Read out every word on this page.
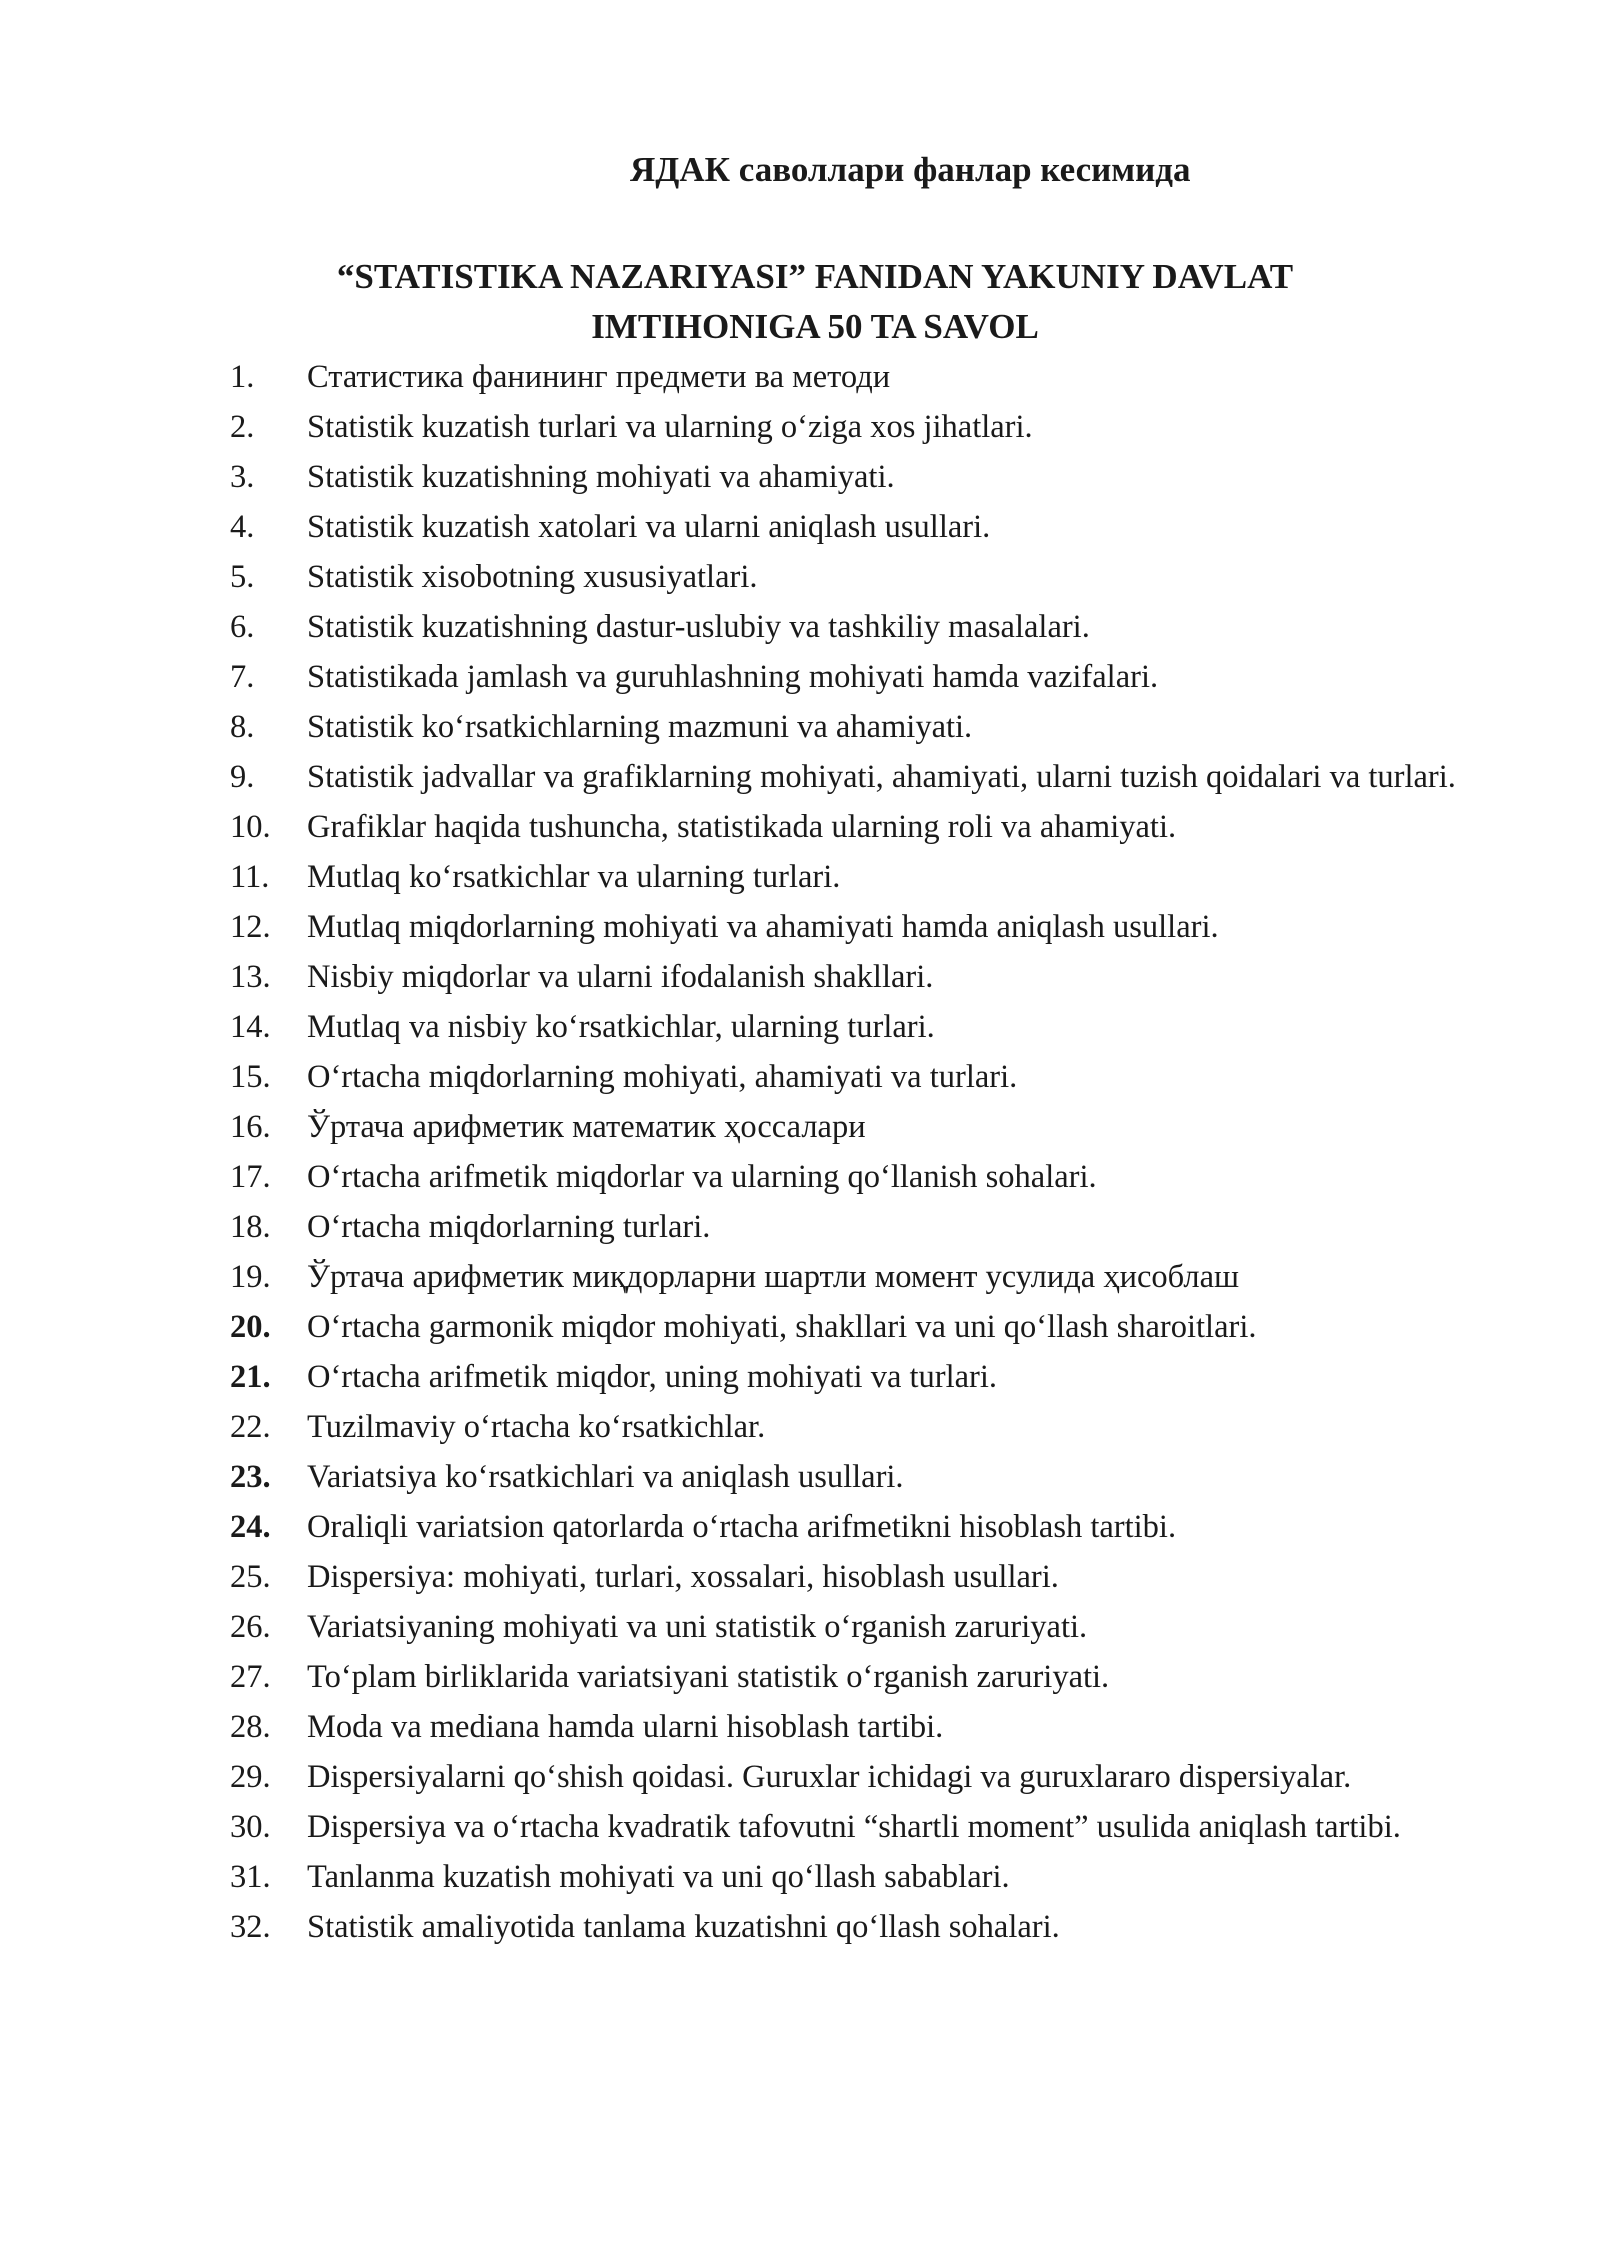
ЯДАК саволлари фанлар кесимида
“STATISTIKA NAZARIYASI” FANIDAN YAKUNIY DAVLAT IMTIHONIGA 50 TA SAVOL
1. Статистика фанининг предмети ва методи
2. Statistik kuzatish turlari va ularning oʻziga xos jihatlari.
3. Statistik kuzatishning mohiyati va ahamiyati.
4. Statistik kuzatish xatolari va ularni aniqlash usullari.
5. Statistik xisobotning xususiyatlari.
6. Statistik kuzatishning dastur-uslubiy va tashkiliy masalalari.
7. Statistikada jamlash va guruhlashning mohiyati hamda vazifalari.
8. Statistik koʻrsatkichlarning mazmuni va ahamiyati.
9. Statistik jadvallar va grafiklarning mohiyati, ahamiyati, ularni tuzish qoidalari va turlari.
10. Grafiklar haqida tushuncha, statistikada ularning roli va ahamiyati.
11. Mutlaq koʻrsatkichlar va ularning turlari.
12. Mutlaq miqdorlarning mohiyati va ahamiyati hamda aniqlash usullari.
13. Nisbiy miqdorlar va ularni ifodalanish shakllari.
14. Mutlaq va nisbiy koʻrsatkichlar, ularning turlari.
15. Oʻrtacha miqdorlarning mohiyati, ahamiyati va turlari.
16. Ўртача арифметик математик ҳоссалари
17. Oʻrtacha arifmetik miqdorlar va ularning qoʻllanish sohalari.
18. Oʻrtacha miqdorlarning turlari.
19. Ўртача арифметик миқдорларни шартли момент усулида ҳисоблаш
20. Oʻrtacha garmonik miqdor mohiyati, shakllari va uni qoʻllash sharoitlari.
21. Oʻrtacha arifmetik miqdor, uning mohiyati va turlari.
22. Tuzilmaviy oʻrtacha koʻrsatkichlar.
23. Variatsiya koʻrsatkichlari va aniqlash usullari.
24. Oraliqli variatsion qatorlarda oʻrtacha arifmetikni hisoblash tartibi.
25. Dispersiya: mohiyati, turlari, xossalari, hisoblash usullari.
26. Variatsiyaning mohiyati va uni statistik oʻrganish zaruriyati.
27. Toʻplam birliklarida variatsiyani statistik oʻrganish zaruriyati.
28. Moda va mediana hamda ularni hisoblash tartibi.
29. Dispersiyalarni qoʻshish qoidasi. Guruxlar ichidagi va guruxlararo dispersiyalar.
30. Dispersiya va oʻrtacha kvadratik tafovutni “shartli moment” usulida aniqlash tartibi.
31. Tanlanma kuzatish mohiyati va uni qoʻllash sabablari.
32. Statistik amaliyotida tanlama kuzatishni qoʻllash sohalari.
